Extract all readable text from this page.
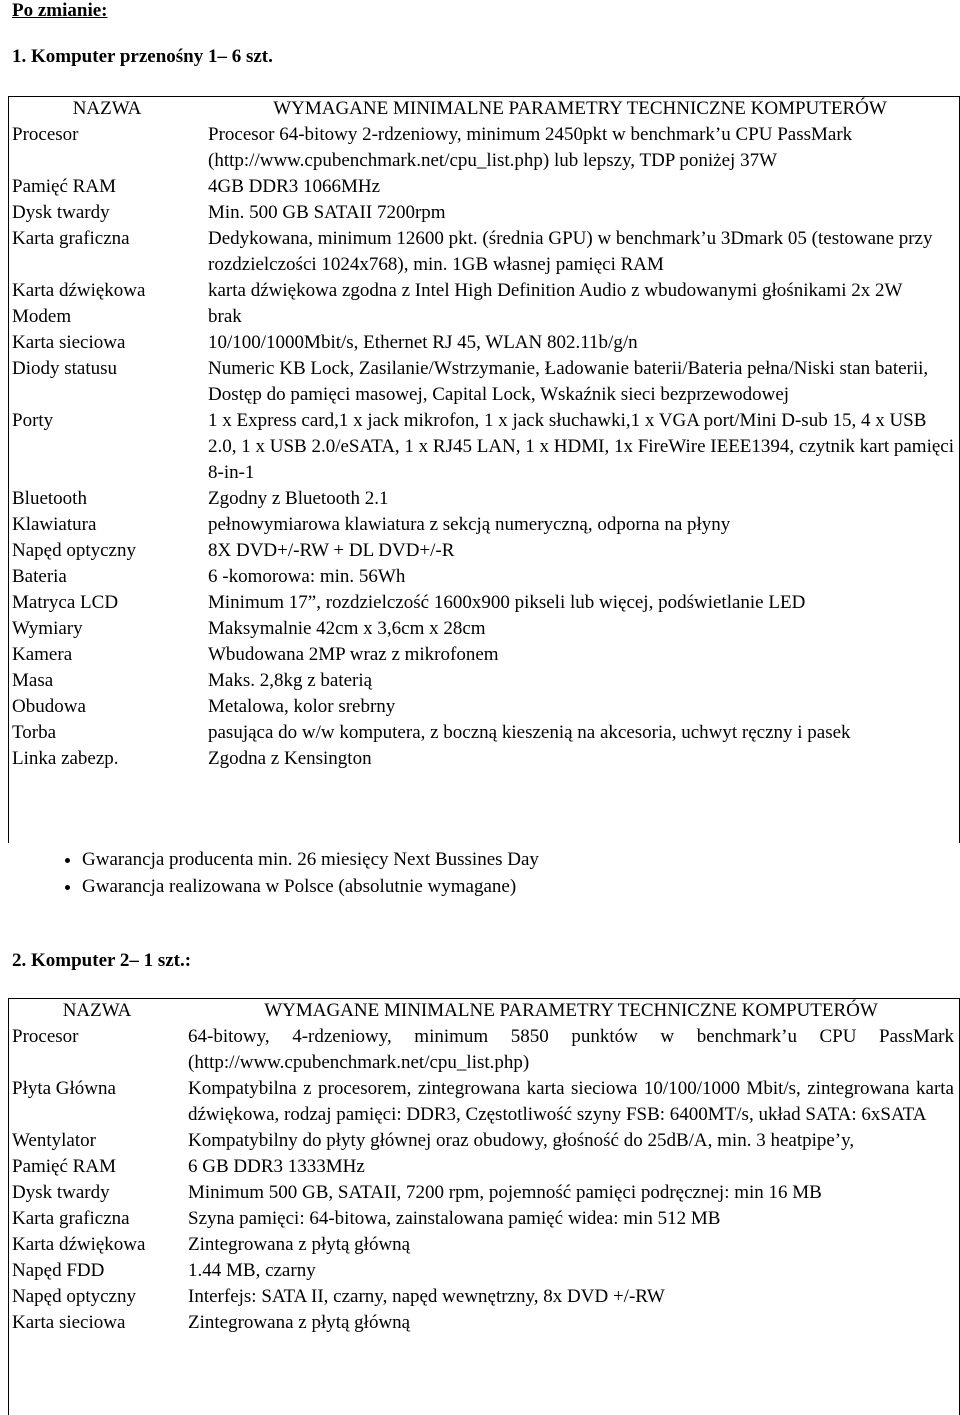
Po zmianie:
1. Komputer przenośny 1– 6 szt.
NAZWA	WYMAGANE MINIMALNE PARAMETRY TECHNICZNE KOMPUTERÓW
Procesor	Procesor 64-bitowy 2-rdzeniowy, minimum 2450pkt w benchmark’u CPU PassMark (http://www.cpubenchmark.net/cpu_list.php) lub lepszy, TDP poniżej 37W
Pamięć RAM	4GB DDR3 1066MHz
Dysk twardy	Min. 500 GB SATAII 7200rpm
Karta graficzna	Dedykowana, minimum 12600 pkt. (średnia GPU) w benchmark’u 3Dmark 05 (testowane przy rozdzielczości 1024x768), min. 1GB własnej pamięci RAM
Karta dźwiękowa	karta dźwiękowa zgodna z Intel High Definition Audio z wbudowanymi głośnikami 2x 2W
Modem	brak
Karta sieciowa	10/100/1000Mbit/s, Ethernet RJ 45, WLAN 802.11b/g/n
Diody statusu	Numeric KB Lock, Zasilanie/Wstrzymanie, Ładowanie baterii/Bateria pełna/Niski stan baterii, Dostęp do pamięci masowej, Capital Lock, Wskaźnik sieci bezprzewodowej
Porty	1 x Express card,1 x jack mikrofon, 1 x jack słuchawki,1 x VGA port/Mini D-sub 15, 4 x USB 2.0, 1 x USB 2.0/eSATA, 1 x RJ45 LAN, 1 x HDMI, 1x FireWire IEEE1394, czytnik kart pamięci 8-in-1
Bluetooth	Zgodny z Bluetooth 2.1
Klawiatura	pełnowymiarowa klawiatura z sekcją numeryczną, odporna na płyny
Napęd optyczny	8X DVD+/-RW + DL DVD+/-R
Bateria	6 -komorowa: min. 56Wh
Matryca LCD	Minimum 17”, rozdzielczość 1600x900 pikseli lub więcej, podświetlanie LED
Wymiary	Maksymalnie 42cm x 3,6cm x 28cm
Kamera	Wbudowana 2MP wraz z mikrofonem
Masa	Maks. 2,8kg z baterią
Obudowa	Metalowa, kolor srebrny
Torba	pasująca do w/w komputera, z boczną kieszenią na akcesoria, uchwyt ręczny i pasek
Linka zabezp.	Zgodna z Kensington
• Gwarancja producenta min. 26 miesięcy Next Bussines Day
• Gwarancja realizowana w Polsce (absolutnie wymagane)
2. Komputer 2– 1 szt.:
NAZWA	WYMAGANE MINIMALNE PARAMETRY TECHNICZNE KOMPUTERÓW
Procesor	64-bitowy, 4-rdzeniowy, minimum 5850 punktów w benchmark’u CPU PassMark (http://www.cpubenchmark.net/cpu_list.php)
Płyta Główna	Kompatybilna z procesorem, zintegrowana karta sieciowa 10/100/1000 Mbit/s, zintegrowana karta dźwiękowa, rodzaj pamięci: DDR3, Częstotliwość szyny FSB: 6400MT/s, układ SATA: 6xSATA
Wentylator	Kompatybilny do płyty głównej oraz obudowy, głośność do 25dB/A, min. 3 heatpipe’y,
Pamięć RAM	6 GB DDR3 1333MHz
Dysk twardy	Minimum 500 GB, SATAII, 7200 rpm, pojemność pamięci podręcznej: min 16 MB
Karta graficzna	Szyna pamięci: 64-bitowa, zainstalowana pamięć widea: min 512 MB
Karta dźwiękowa	Zintegrowana z płytą główną
Napęd FDD	1.44 MB, czarny
Napęd optyczny	Interfejs: SATA II, czarny, napęd wewnętrzny, 8x DVD +/-RW
Karta sieciowa	Zintegrowana z płytą główną
